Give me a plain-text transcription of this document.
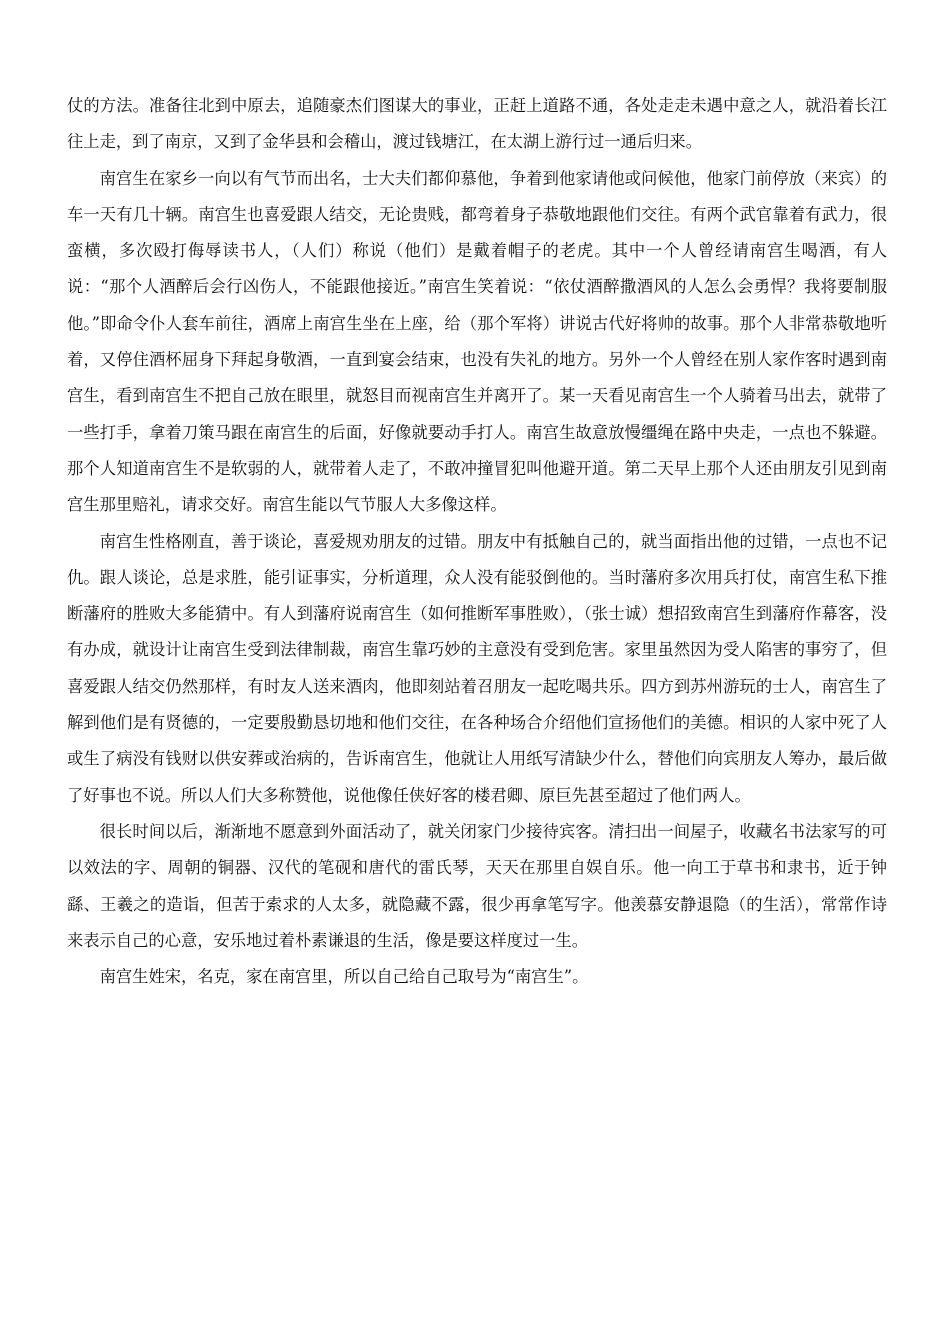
仗的方法。准备往北到中原去，追随豪杰们图谋大的事业，正赶上道路不通，各处走走未遇中意之人，就沿着长江往上走，到了南京，又到了金华县和会稽山，渡过钱塘江，在太湖上游行过一通后归来。

南宫生在家乡一向以有气节而出名，士大夫们都仰慕他，争着到他家请他或问候他，他家门前停放（来宾）的车一天有几十辆。南宫生也喜爱跟人结交，无论贵贱，都弯着身子恭敬地跟他们交往。有两个武官靠着有武力，很蛮横，多次殴打侮辱读书人，（人们）称说（他们）是戴着帽子的老虎。其中一个人曾经请南宫生喝酒，有人说：“那个人酒醉后会行凶伤人，不能跟他接近。”南宫生笑着说：“依仗酒醉撒酒风的人怎么会勇悍？我将要制服他。”即命令仆人套车前往，酒席上南宫生坐在上座，给（那个军将）讲说古代好将帅的故事。那个人非常恭敬地听着，又停住酒杯屈身下拜起身敬酒，一直到宴会结束，也没有失礼的地方。另外一个人曾经在别人家作客时遇到南宫生，看到南宫生不把自己放在眼里，就怒目而视南宫生并离开了。某一天看见南宫生一个人骑着马出去，就带了一些打手，拿着刀策马跟在南宫生的后面，好像就要动手打人。南宫生故意放慢缰绳在路中央走，一点也不躲避。那个人知道南宫生不是软弱的人，就带着人走了，不敢冲撞冒犯叫他避开道。第二天早上那个人还由朋友引见到南宫生那里赔礼，请求交好。南宫生能以气节服人大多像这样。

南宫生性格刚直，善于谈论，喜爱规劝朋友的过错。朋友中有抵触自己的，就当面指出他的过错，一点也不记仇。跟人谈论，总是求胜，能引证事实，分析道理，众人没有能驳倒他的。当时藩府多次用兵打仗，南宫生私下推断藩府的胜败大多能猜中。有人到藩府说南宫生（如何推断军事胜败），（张士诚）想招致南宫生到藩府作幕客，没有办成，就设计让南宫生受到法律制裁，南宫生靠巧妙的主意没有受到危害。家里虽然因为受人陷害的事穷了，但喜爱跟人结交仍然那样，有时友人送来酒肉，他即刻站着召朋友一起吃喝共乐。四方到苏州游玩的士人，南宫生了解到他们是有贤德的，一定要殷勤恳切地和他们交往，在各种场合介绍他们宣扬他们的美德。相识的人家中死了人或生了病没有钱财以供安葬或治病的，告诉南宫生，他就让人用纸写清缺少什么，替他们向宾朋友人筹办，最后做了好事也不说。所以人们大多称赞他，说他像任侠好客的楼君卿、原巨先甚至超过了他们两人。

很长时间以后，渐渐地不愿意到外面活动了，就关闭家门少接待宾客。清扫出一间屋子，收藏名书法家写的可以效法的字、周朝的铜器、汉代的笔砚和唐代的雷氏琴，天天在那里自娱自乐。他一向工于草书和隶书，近于钟繇、王羲之的造诣，但苦于索求的人太多，就隐藏不露，很少再拿笔写字。他羡慕安静退隐（的生活），常常作诗来表示自己的心意，安乐地过着朴素谦退的生活，像是要这样度过一生。

南宫生姓宋，名克，家在南宫里，所以自己给自己取号为“南宫生”。
